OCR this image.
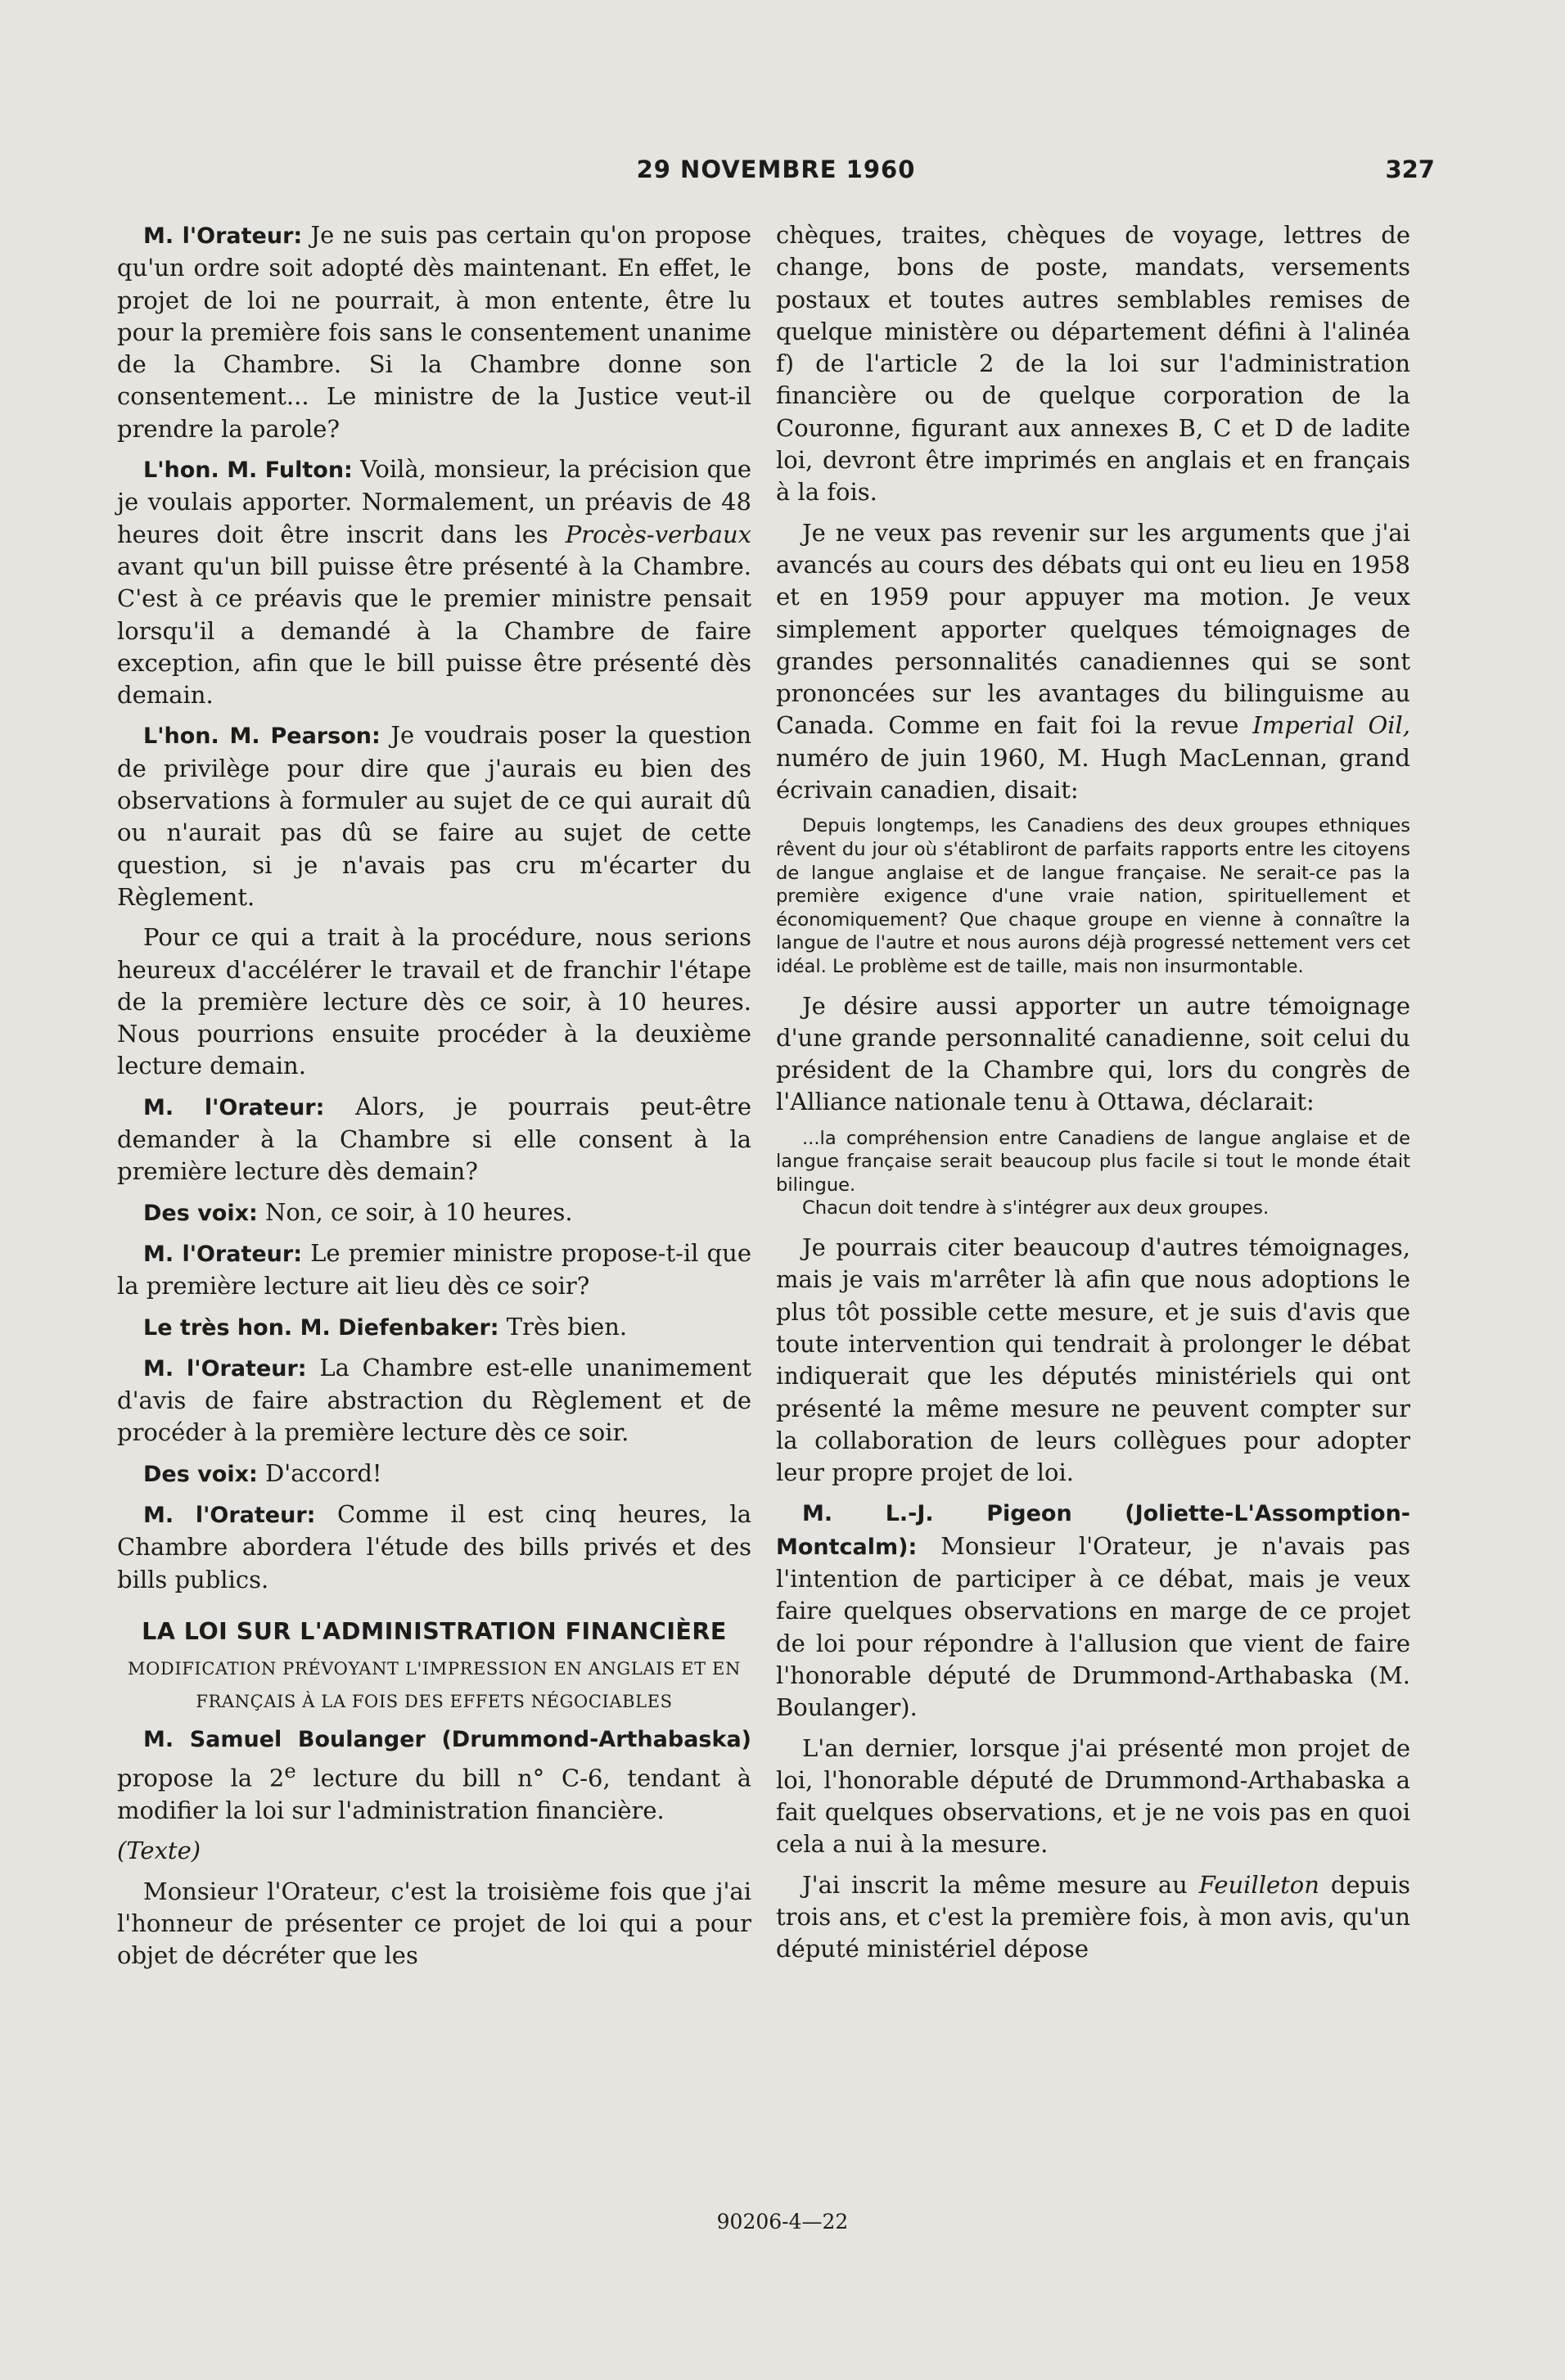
29 NOVEMBRE 1960	327

M. l'Orateur: Je ne suis pas certain qu'on propose qu'un ordre soit adopté dès maintenant. En effet, le projet de loi ne pourrait, à mon entente, être lu pour la première fois sans le consentement unanime de la Chambre. Si la Chambre donne son consentement... Le ministre de la Justice veut-il prendre la parole?

L'hon. M. Fulton: Voilà, monsieur, la précision que je voulais apporter. Normalement, un préavis de 48 heures doit être inscrit dans les Procès-verbaux avant qu'un bill puisse être présenté à la Chambre. C'est à ce préavis que le premier ministre pensait lorsqu'il a demandé à la Chambre de faire exception, afin que le bill puisse être présenté dès demain.

L'hon. M. Pearson: Je voudrais poser la question de privilège pour dire que j'aurais eu bien des observations à formuler au sujet de ce qui aurait dû ou n'aurait pas dû se faire au sujet de cette question, si je n'avais pas cru m'écarter du Règlement.

Pour ce qui a trait à la procédure, nous serions heureux d'accélérer le travail et de franchir l'étape de la première lecture dès ce soir, à 10 heures. Nous pourrions ensuite procéder à la deuxième lecture demain.

M. l'Orateur: Alors, je pourrais peut-être demander à la Chambre si elle consent à la première lecture dès demain?

Des voix: Non, ce soir, à 10 heures.

M. l'Orateur: Le premier ministre propose-t-il que la première lecture ait lieu dès ce soir?

Le très hon. M. Diefenbaker: Très bien.

M. l'Orateur: La Chambre est-elle unanimement d'avis de faire abstraction du Règlement et de procéder à la première lecture dès ce soir.

Des voix: D'accord!

M. l'Orateur: Comme il est cinq heures, la Chambre abordera l'étude des bills privés et des bills publics.

LA LOI SUR L'ADMINISTRATION FINANCIÈRE
MODIFICATION PRÉVOYANT L'IMPRESSION EN ANGLAIS ET EN FRANÇAIS À LA FOIS DES EFFETS NÉGOCIABLES

M. Samuel Boulanger (Drummond-Arthabaska) propose la 2e lecture du bill n° C-6, tendant à modifier la loi sur l'administration financière.

(Texte)

Monsieur l'Orateur, c'est la troisième fois que j'ai l'honneur de présenter ce projet de loi qui a pour objet de décréter que les

chèques, traites, chèques de voyage, lettres de change, bons de poste, mandats, versements postaux et toutes autres semblables remises de quelque ministère ou département défini à l'alinéa f) de l'article 2 de la loi sur l'administration financière ou de quelque corporation de la Couronne, figurant aux annexes B, C et D de ladite loi, devront être imprimés en anglais et en français à la fois.

Je ne veux pas revenir sur les arguments que j'ai avancés au cours des débats qui ont eu lieu en 1958 et en 1959 pour appuyer ma motion. Je veux simplement apporter quelques témoignages de grandes personnalités canadiennes qui se sont prononcées sur les avantages du bilinguisme au Canada. Comme en fait foi la revue Imperial Oil, numéro de juin 1960, M. Hugh MacLennan, grand écrivain canadien, disait:

Depuis longtemps, les Canadiens des deux groupes ethniques rêvent du jour où s'établiront de parfaits rapports entre les citoyens de langue anglaise et de langue française. Ne serait-ce pas la première exigence d'une vraie nation, spirituellement et économiquement? Que chaque groupe en vienne à connaître la langue de l'autre et nous aurons déjà progressé nettement vers cet idéal. Le problème est de taille, mais non insurmontable.

Je désire aussi apporter un autre témoignage d'une grande personnalité canadienne, soit celui du président de la Chambre qui, lors du congrès de l'Alliance nationale tenu à Ottawa, déclarait:

...la compréhension entre Canadiens de langue anglaise et de langue française serait beaucoup plus facile si tout le monde était bilingue.

Chacun doit tendre à s'intégrer aux deux groupes.

Je pourrais citer beaucoup d'autres témoignages, mais je vais m'arrêter là afin que nous adoptions le plus tôt possible cette mesure, et je suis d'avis que toute intervention qui tendrait à prolonger le débat indiquerait que les députés ministériels qui ont présenté la même mesure ne peuvent compter sur la collaboration de leurs collègues pour adopter leur propre projet de loi.

M. L.-J. Pigeon (Joliette-L'Assomption-Montcalm): Monsieur l'Orateur, je n'avais pas l'intention de participer à ce débat, mais je veux faire quelques observations en marge de ce projet de loi pour répondre à l'allusion que vient de faire l'honorable député de Drummond-Arthabaska (M. Boulanger).

L'an dernier, lorsque j'ai présenté mon projet de loi, l'honorable député de Drummond-Arthabaska a fait quelques observations, et je ne vois pas en quoi cela a nui à la mesure.

J'ai inscrit la même mesure au Feuilleton depuis trois ans, et c'est la première fois, à mon avis, qu'un député ministériel dépose

90206-4—22
